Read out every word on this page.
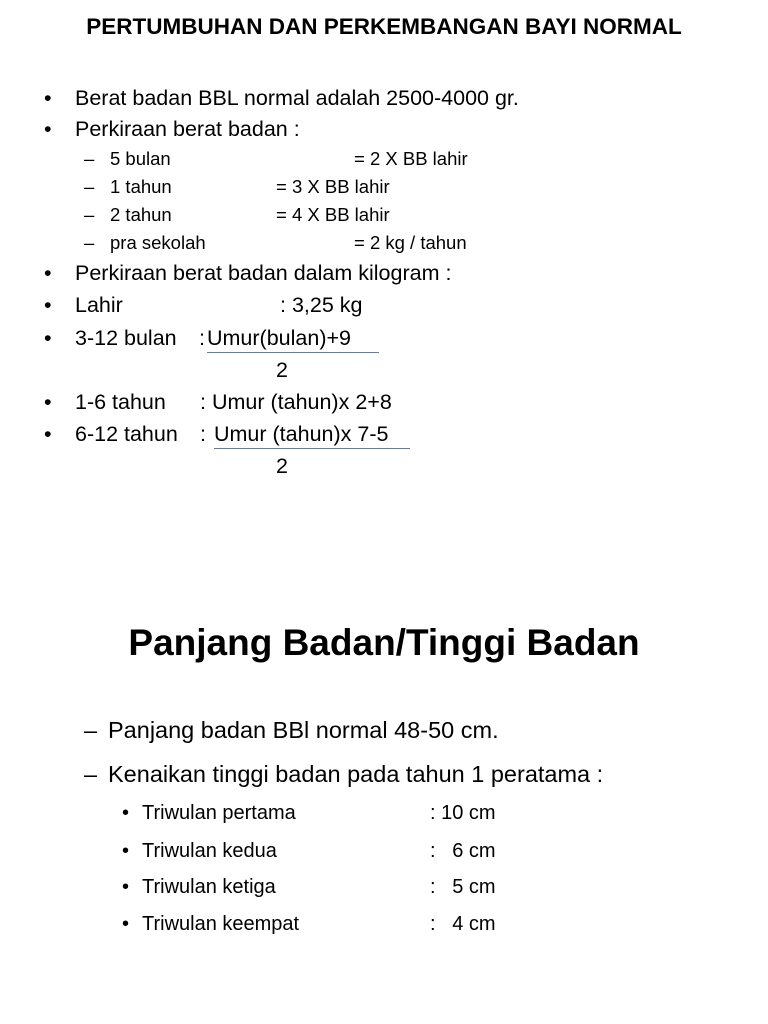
PERTUMBUHAN DAN PERKEMBANGAN BAYI NORMAL
• Berat badan BBL normal adalah 2500-4000 gr.
• Perkiraan berat badan :
– 5 bulan	= 2 X BB lahir
– 1 tahun	= 3 X BB lahir
– 2 tahun	= 4 X BB lahir
– pra sekolah	= 2 kg / tahun
• Perkiraan berat badan dalam kilogram :
• Lahir	: 3,25 kg
• 3-12 bulan : Umur(bulan)+9
2
• 1-6 tahun : Umur (tahun)x 2+8
• 6-12 tahun : Umur (tahun)x 7-5
2
Panjang Badan/Tinggi Badan
– Panjang badan BBl normal 48-50 cm.
– Kenaikan tinggi badan pada tahun 1 peratama :
• Triwulan pertama	: 10 cm
• Triwulan kedua	:   6 cm
• Triwulan ketiga	:   5 cm
• Triwulan keempat	:   4 cm
